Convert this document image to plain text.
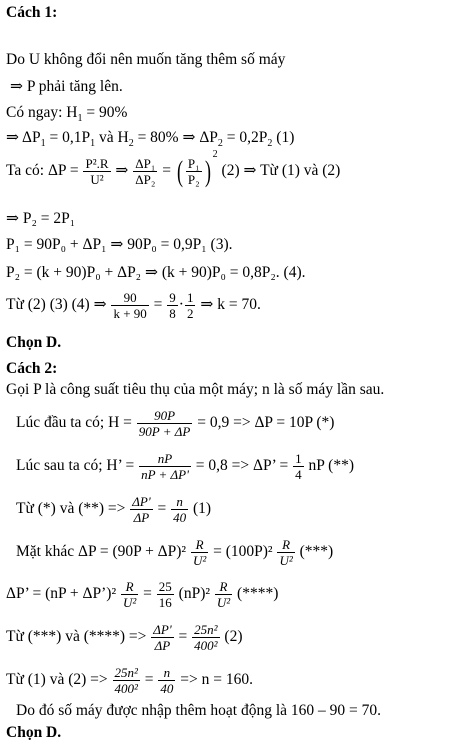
Cách 1:
Do U không đổi nên muốn tăng thêm số máy
⇒ P phải tăng lên.
Có ngay: $H_1 = 90\%$
⇒ $\Delta P_1 = 0,1P_1$ và $H_2 = 80\%$ ⇒ $\Delta P_2 = 0,2P_2$ (1)
Ta có: $\Delta P = \frac{\text{P².R}}{\text{U²}}$ ⇒ $\frac{\text{ΔP₁}}{\text{ΔP₂}}$ = ( $\frac{\text{P₁}}{\text{P₂}} )^2$ (2) ⇒ Từ (1) và (2)
⇒ P₂ = 2P₁
P₁ = 90P₀ + ΔP₁ ⇒ 90P₀ = 0,9P₁ (3).
P₂ = (k + 90)P₀ + ΔP₂ ⇒ (k + 90)P₀ = 0,8P₂. (4).
Từ (2) (3) (4) ⇒ $\frac{90}{k + 90} = \frac{9}{8} \cdot \frac{1}{2}$ ⇒ k = 70.
Chọn D.
Cách 2:
Gọi P là công suất tiêu thụ của một máy; n là số máy lần sau.
Lúc đầu ta có; $H = \frac{90P}{90P + \Delta P} = 0,9 => \Delta P = 10P$ (*)
Lúc sau ta có; H’ = $\frac{nP}{nP + \Delta P'} = 0,8 => \Delta P$’ = $\frac{1}{4}$ nP (**)
Từ (*) và (**) => $\frac{\Delta P'}{\Delta P} = \frac{n}{40} (1)$
Mặt khác $\Delta P = (90P + \Delta P)^2 \frac{R}{\text{U²}} = (100P)^2 \frac{R}{\text{U²}}$ (***)
ΔP’ = (nP + ΔP’)² $\frac{R}{\text{U²}} = \frac{25}{16} (nP)^2 \frac{R}{\text{U²}}$ (****)
Từ (***) và (****) => $\frac{\Delta P'}{\Delta P} = \frac{\text{25n²}}{\text{400²}} (2)$
Từ (1) và $(2) => \frac{\text{25n²}}{\text{400²}} = \frac{n}{40} => n = 160$.
Do đó số máy được nhập thêm hoạt động là 160 – 90 = 70.
Chọn D.
